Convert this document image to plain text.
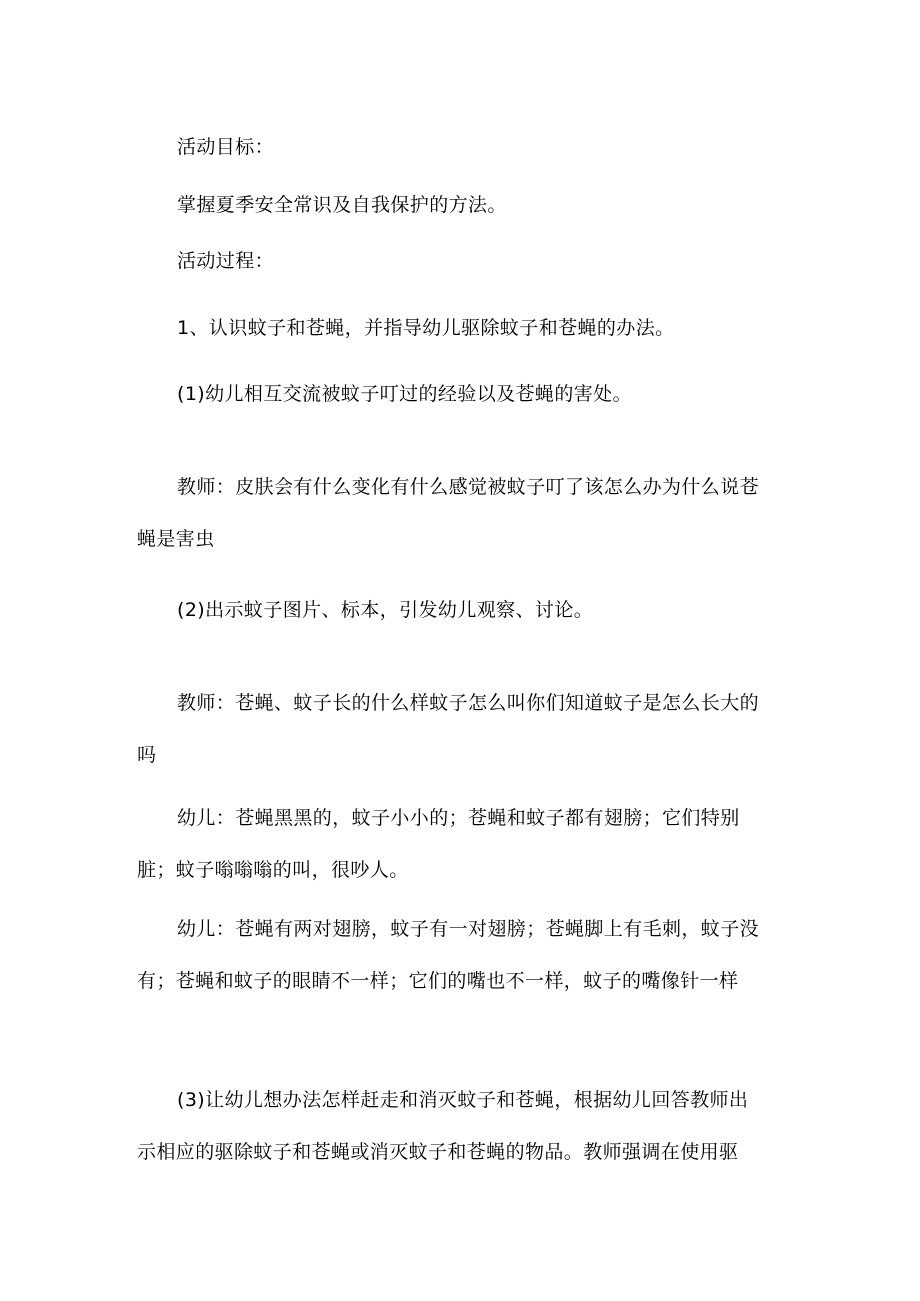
活动目标：

掌握夏季安全常识及自我保护的方法。

活动过程：

1、认识蚊子和苍蝇，并指导幼儿驱除蚊子和苍蝇的办法。

(1)幼儿相互交流被蚊子叮过的经验以及苍蝇的害处。

教师：皮肤会有什么变化有什么感觉被蚊子叮了该怎么办为什么说苍蝇是害虫

(2)出示蚊子图片、标本，引发幼儿观察、讨论。

教师：苍蝇、蚊子长的什么样蚊子怎么叫你们知道蚊子是怎么长大的吗

幼儿：苍蝇黑黑的，蚊子小小的；苍蝇和蚊子都有翅膀；它们特别脏；蚊子嗡嗡嗡的叫，很吵人。

幼儿：苍蝇有两对翅膀，蚊子有一对翅膀；苍蝇脚上有毛刺，蚊子没有；苍蝇和蚊子的眼睛不一样；它们的嘴也不一样，蚊子的嘴像针一样

(3)让幼儿想办法怎样赶走和消灭蚊子和苍蝇，根据幼儿回答教师出示相应的驱除蚊子和苍蝇或消灭蚊子和苍蝇的物品。教师强调在使用驱
